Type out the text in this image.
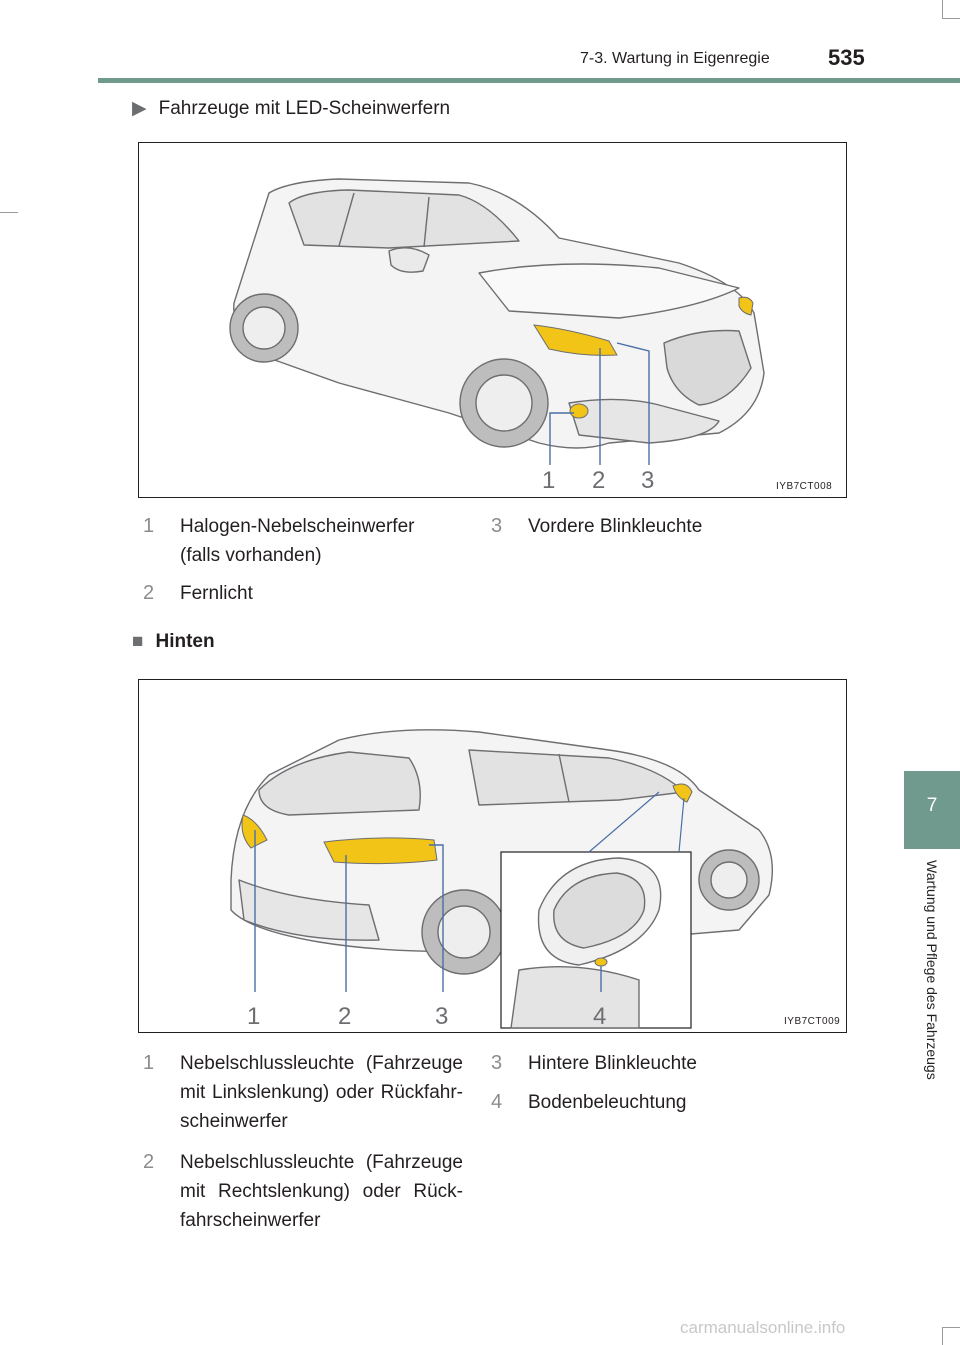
7-3. Wartung in Eigenregie	535
7
Wartung und Pflege des Fahrzeugs
▶ Fahrzeuge mit LED-Scheinwerfern
1 2 3	IYB7CT008
1 Halogen-Nebelscheinwerfer (falls vorhanden)
2 Fernlicht
3 Vordere Blinkleuchte
■ Hinten
1	2	3	4	IYB7CT009
1 Nebelschlussleuchte (Fahrzeuge mit Linkslenkung) oder Rückfahr-scheinwerfer
2 Nebelschlussleuchte (Fahrzeuge mit Rechtslenkung) oder Rück-fahrscheinwerfer
3 Hintere Blinkleuchte
4 Bodenbeleuchtung
carmanualsonline.info
